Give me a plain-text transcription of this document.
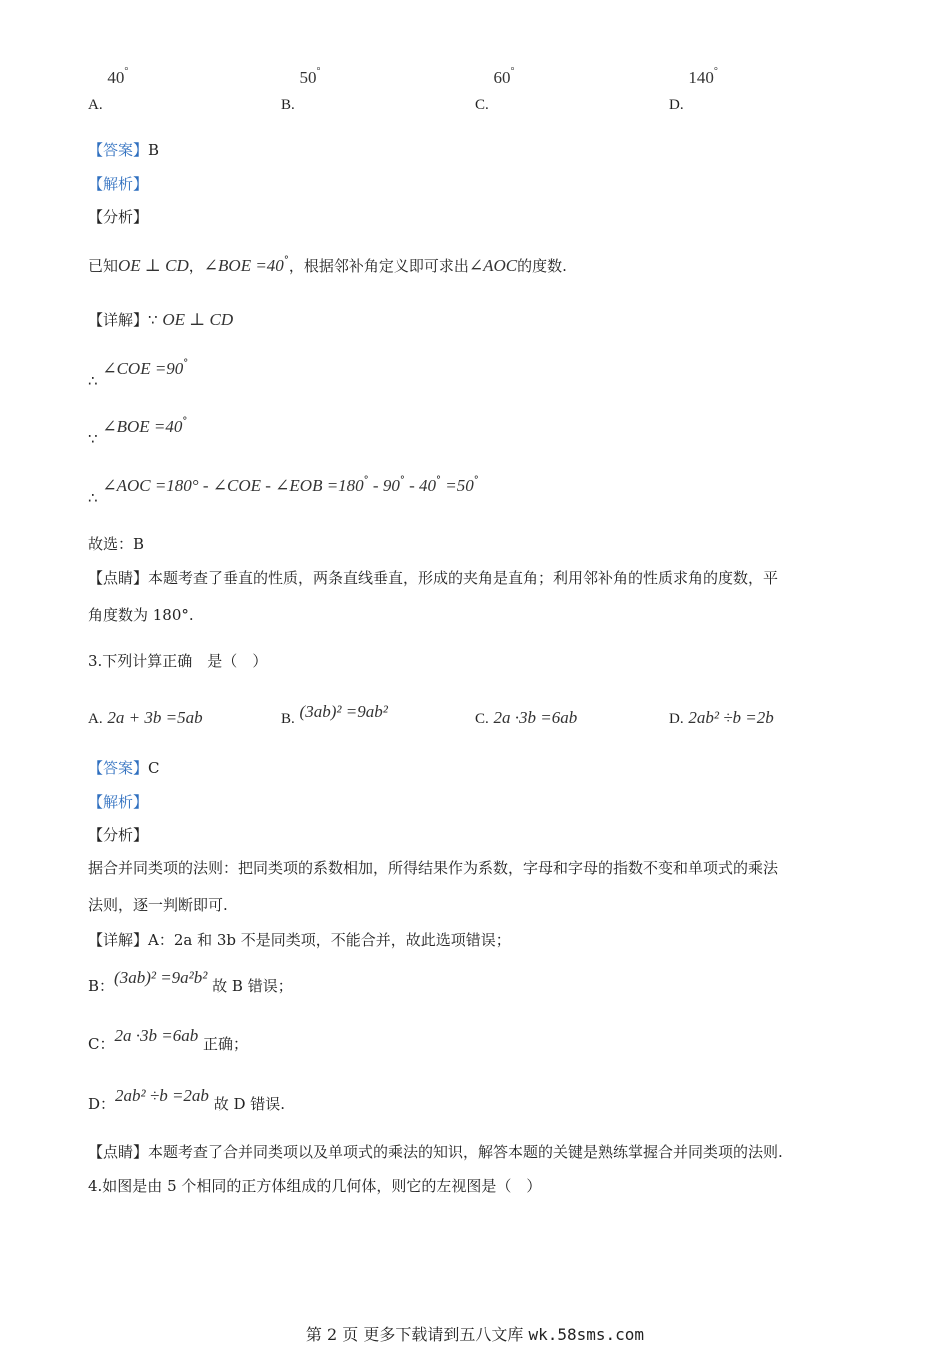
A. 40°
B. 50°
C. 60°
D. 140°
【答案】B
【解析】
【分析】
已知OE ⊥ CD，∠BOE =40°，根据邻补角定义即可求出∠AOC的度数.
【详解】∵ OE ⊥ CD
∴ ∠COE =90°
∵ ∠BOE =40°
∴ ∠AOC =180° - ∠COE - ∠EOB =180° - 90° - 40° =50°
故选：B
【点睛】本题考查了垂直的性质，两条直线垂直，形成的夹角是直角；利用邻补角的性质求角的度数，平
角度数为 180°.
3.下列计算正确　是（　）
A. 2a + 3b =5ab	B. (3ab)² =9ab²	C. 2a ·3b =6ab	D. 2ab² ÷b =2b
【答案】C
【解析】
【分析】
据合并同类项的法则：把同类项的系数相加，所得结果作为系数，字母和字母的指数不变和单项式的乘法
法则，逐一判断即可.
【详解】A：2a 和 3b 不是同类项，不能合并，故此选项错误；
B：(3ab)² =9a²b² 故 B 错误；
C：2a ·3b =6ab 正确；
D：2ab² ÷b =2ab 故 D 错误.
【点睛】本题考查了合并同类项以及单项式的乘法的知识，解答本题的关键是熟练掌握合并同类项的法则.
4.如图是由 5 个相同的正方体组成的几何体，则它的左视图是（　）
第 2 页 更多下载请到五八文库 wk.58sms.com
